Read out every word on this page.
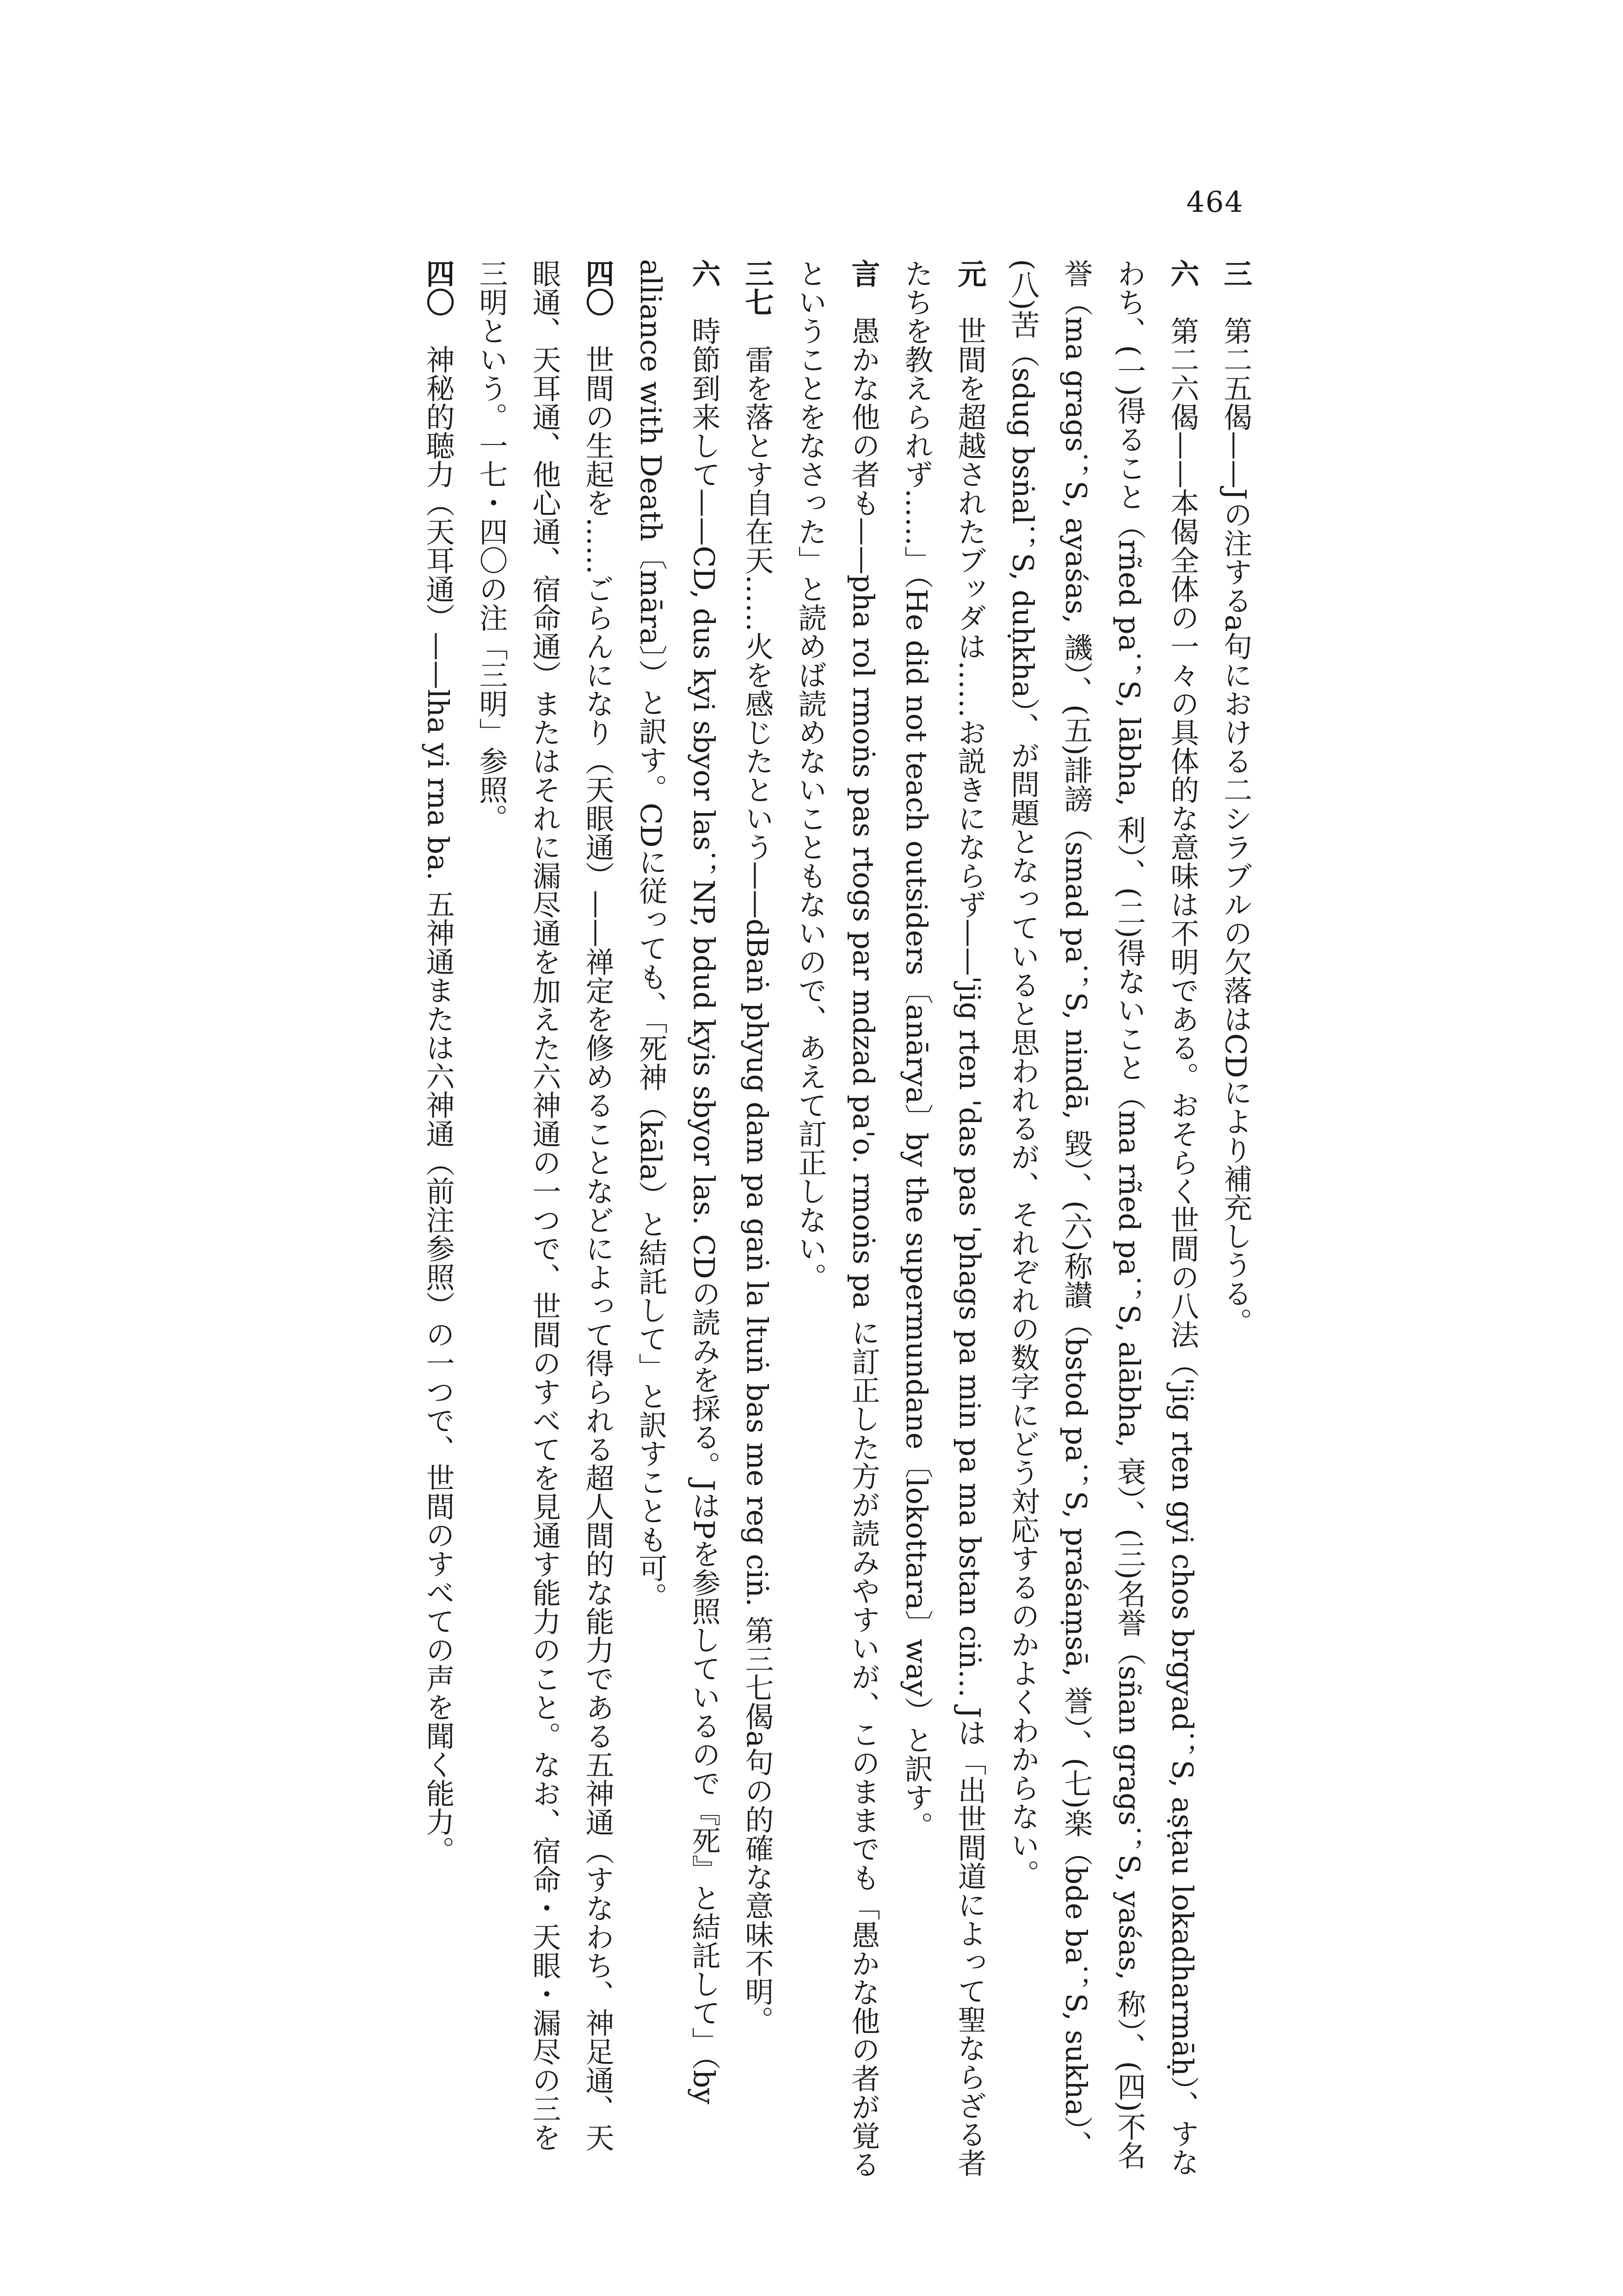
464

三　第二五偈——Jの注するa句における二シラブルの欠落はCDにより補充しうる。

六　第二六偈——本偈全体の一々の具体的な意味は不明である。おそらく世間の八法（'jig rten gyi chos brgyad；S, aṣṭau lokadharmāḥ）、すなわち、(一)得ること（rñed pa；S, lābha, 利）、(二)得ないこと（ma rñed pa；S, alābha, 衰）、(三)名誉（sñan grags；S, yaśas, 称）、(四)不名誉（ma grags；S, ayaśas, 譏）、(五)誹謗（smad pa；S, nindā, 毀）、(六)称讃（bstod pa；S, praśaṃsā, 誉）、(七)楽（bde ba；S, sukha）、(八)苦（sdug bsṅal；S, duḥkha）、が問題となっていると思われるが、それぞれの数字にどう対応するのかよくわからない。

元　世間を超越されたブッダは……お説きにならず——'jig rten 'das pas 'phags pa min pa ma bstan ciṅ… Jは「出世間道によって聖ならざる者たちを教えられず……」（He did not teach outsiders〔anārya〕by the supermundane〔lokottara〕way）と訳す。

言　愚かな他の者も——pha rol rmoṅs pas rtogs par mdzad pa'o. rmoṅs pa に訂正した方が読みやすいが、このままでも「愚かな他の者が覚るということをなさった」と読めば読めないこともないので、あえて訂正しない。

三七　雷を落とす自在天……火を感じたという——dBaṅ phyug dam pa gaṅ la ltuṅ bas me reg ciṅ. 第三七偈a句の的確な意味不明。

六　時節到来して——CD, dus kyi sbyor las；NP, bdud kyis sbyor las. CDの読みを採る。JはPを参照しているので『死』と結託して」（by alliance with Death〔māra〕）と訳す。CDに従っても、「死神（kāla）と結託して」と訳すことも可。

四〇　世間の生起を……ごらんになり（天眼通）——禅定を修めることなどによって得られる超人間的な能力である五神通（すなわち、神足通、天眼通、天耳通、他心通、宿命通）またはそれに漏尽通を加えた六神通の一つで、世間のすべてを見通す能力のこと。なお、宿命・天眼・漏尽の三を三明という。一七・四〇の注「三明」参照。

四〇　神秘的聴力（天耳通）——lha yi rna ba. 五神通または六神通（前注参照）の一つで、世間のすべての声を聞く能力。
